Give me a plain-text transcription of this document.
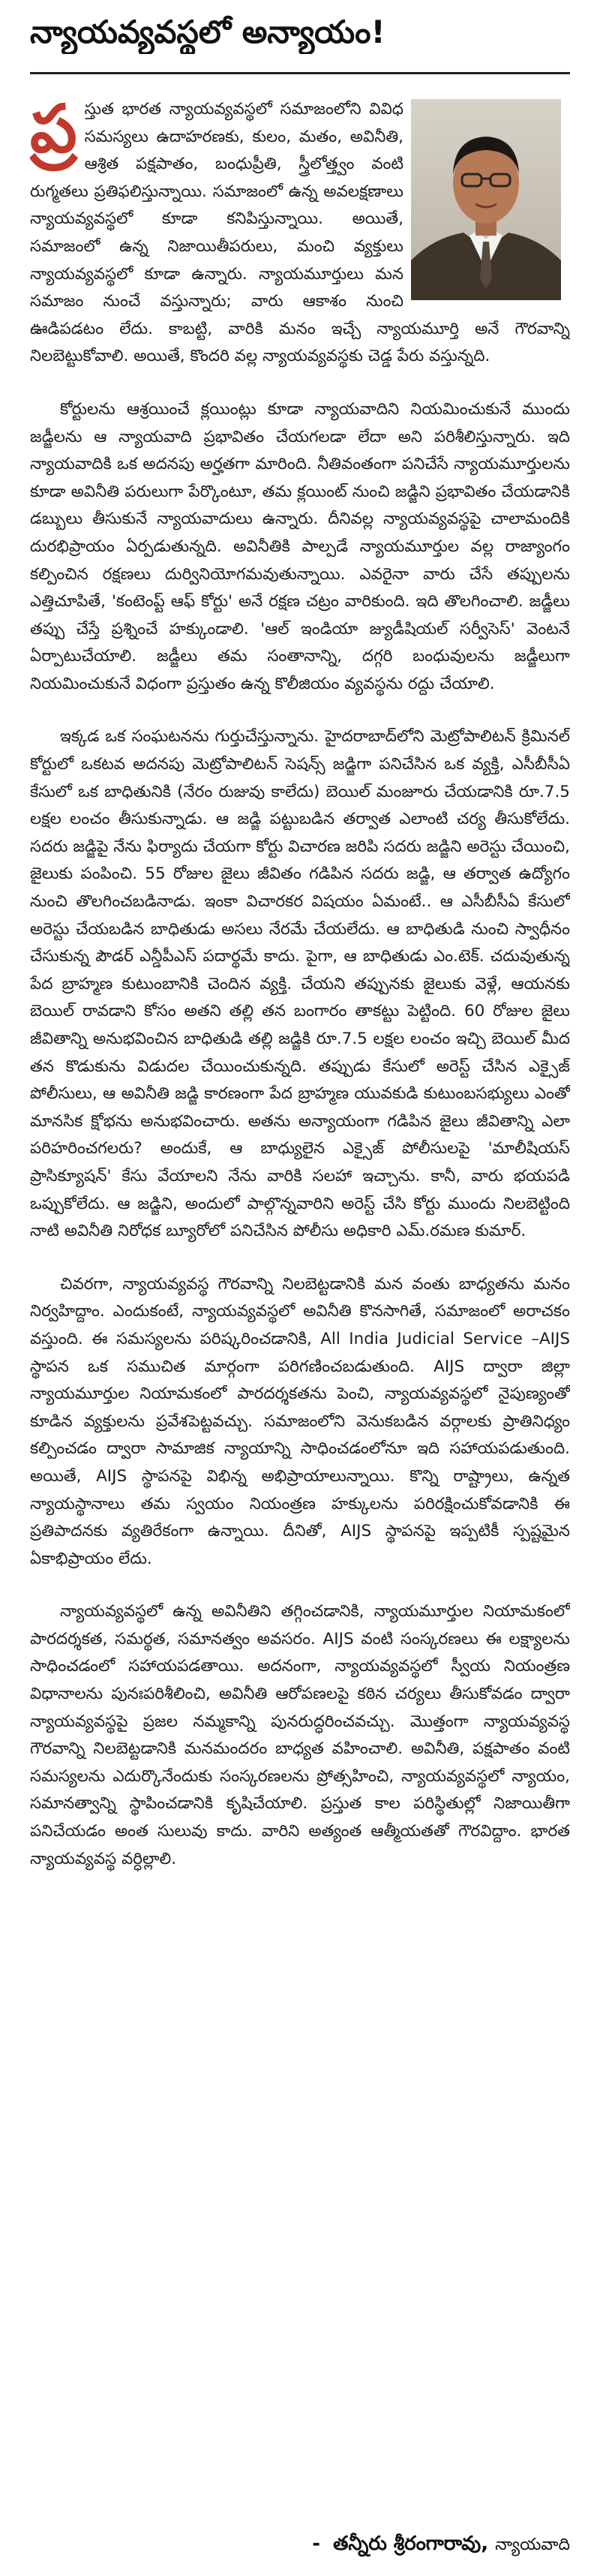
న్యాయవ్యవస్థలో అన్యాయం!

ప్ర స్తుత భారత న్యాయవ్యవస్థలో సమాజంలోని వివిధ సమస్యలు ఉదాహరణకు, కులం, మతం, అవినీతి, ఆశ్రిత పక్షపాతం, బంధుప్రీతి, స్త్రీలోత్త్వం వంటి రుగ్మతలు ప్రతిఫలిస్తున్నాయి. సమాజంలో ఉన్న అవలక్షణాలు న్యాయవ్యవస్థలో కూడా కనిపిస్తున్నాయి. అయితే, సమాజంలో ఉన్న నిజాయితీపరులు, మంచి వ్యక్తులు న్యాయవ్యవస్థలో కూడా ఉన్నారు. న్యాయమూర్తులు మన సమాజం నుంచే వస్తున్నారు; వారు ఆకాశం నుంచి ఊడిపడటం లేదు. కాబట్టి, వారికి మనం ఇచ్చే న్యాయమూర్తి అనే గౌరవాన్ని నిలబెట్టుకోవాలి. అయితే, కొందరి వల్ల న్యాయవ్యవస్థకు చెడ్డ పేరు వస్తున్నది.

కోర్టులను ఆశ్రయించే క్లయింట్లు కూడా న్యాయవాదిని నియమించుకునే ముందు జడ్జీలను ఆ న్యాయవాది ప్రభావితం చేయగలడా లేదా అని పరిశీలిస్తున్నారు. ఇది న్యాయవాదికి ఒక అదనపు అర్హతగా మారింది. నీతివంతంగా పనిచేసే న్యాయమూర్తులను కూడా అవినీతి పరులుగా పేర్కొంటూ, తమ క్లయింట్ నుంచి జడ్జిని ప్రభావితం చేయడానికి డబ్బులు తీసుకునే న్యాయవాదులు ఉన్నారు. దీనివల్ల న్యాయవ్యవస్థపై చాలామందికి దురభిప్రాయం ఏర్పడుతున్నది. అవినీతికి పాల్పడే న్యాయమూర్తుల వల్ల రాజ్యాంగం కల్పించిన రక్షణలు దుర్వినియోగమవుతున్నాయి. ఎవరైనా వారు చేసే తప్పులను ఎత్తిచూపితే, 'కంటెంప్ట్ ఆఫ్ కోర్టు' అనే రక్షణ చట్రం వారికుంది. ఇది తొలగించాలి. జడ్జీలు తప్పు చేస్తే ప్రశ్నించే హక్కుండాలి. 'ఆల్ ఇండియా జ్యుడీషియల్ సర్వీసెస్' వెంటనే ఏర్పాటుచేయాలి. జడ్జీలు తమ సంతానాన్ని, దగ్గరి బంధువులను జడ్జీలుగా నియమించుకునే విధంగా ప్రస్తుతం ఉన్న కొలీజియం వ్యవస్థను రద్దు చేయాలి.

ఇక్కడ ఒక సంఘటనను గుర్తుచేస్తున్నాను. హైదరాబాద్‌లోని మెట్రోపాలిటన్ క్రిమినల్ కోర్టులో ఒకటవ అదనపు మెట్రోపాలిటన్ సెషన్స్ జడ్జిగా పనిచేసిన ఒక వ్యక్తి, ఎసీబీసీఏ కేసులో ఒక బాధితునికి (నేరం రుజువు కాలేదు) బెయిల్ మంజూరు చేయడానికి రూ.7.5 లక్షల లంచం తీసుకున్నాడు. ఆ జడ్జి పట్టుబడిన తర్వాత ఎలాంటి చర్య తీసుకోలేదు. సదరు జడ్జిపై నేను ఫిర్యాదు చేయగా కోర్టు విచారణ జరిపి సదరు జడ్జిని అరెస్టు చేయించి, జైలుకు పంపించి. 55 రోజుల జైలు జీవితం గడిపిన సదరు జడ్జి, ఆ తర్వాత ఉద్యోగం నుంచి తొలగించబడినాడు. ఇంకా విచారకర విషయం ఏమంటే.. ఆ ఎసీబీసీఏ కేసులో అరెస్టు చేయబడిన బాధితుడు అసలు నేరమే చేయలేదు. ఆ బాధితుడి నుంచి స్వాధీనం చేసుకున్న పౌడర్ ఎన్డీపీఎస్ పదార్థమే కాదు. పైగా, ఆ బాధితుడు ఎం.టెక్. చదువుతున్న పేద బ్రాహ్మణ కుటుంబానికి చెందిన వ్యక్తి. చేయని తప్పునకు జైలుకు వెళ్లే, ఆయనకు బెయిల్ రావడాని కోసం అతని తల్లి తన బంగారం తాకట్టు పెట్టింది. 60 రోజుల జైలు జీవితాన్ని అనుభవించిన బాధితుడి తల్లి జడ్జికి రూ.7.5 లక్షల లంచం ఇచ్చి బెయిల్ మీద తన కొడుకును విడుదల చేయించుకున్నది. తప్పుడు కేసులో అరెస్ట్ చేసిన ఎక్సైజ్ పోలీసులు, ఆ అవినీతి జడ్జి కారణంగా పేద బ్రాహ్మణ యువకుడి కుటుంబసభ్యులు ఎంతో మానసిక క్షోభను అనుభవించారు. అతను అన్యాయంగా గడిపిన జైలు జీవితాన్ని ఎలా పరిహరించగలరు? అందుకే, ఆ బాధ్యులైన ఎక్సైజ్ పోలీసులపై 'మాలీషియస్ ప్రాసిక్యూషన్' కేసు వేయాలని నేను వారికి సలహా ఇచ్చాను. కానీ, వారు భయపడి ఒప్పుకోలేదు. ఆ జడ్జిని, అందులో పాల్గొన్నవారిని అరెస్ట్ చేసి కోర్టు ముందు నిలబెట్టింది నాటి అవినీతి నిరోధక బ్యూరోలో పనిచేసిన పోలీసు అధికారి ఎమ్.రమణ కుమార్.

చివరగా, న్యాయవ్యవస్థ గౌరవాన్ని నిలబెట్టడానికి మన వంతు బాధ్యతను మనం నిర్వహిద్దాం. ఎందుకంటే, న్యాయవ్యవస్థలో అవినీతి కొనసాగితే, సమాజంలో అరాచకం వస్తుంది. ఈ సమస్యలను పరిష్కరించడానికి, All India Judicial Service –AIJS స్థాపన ఒక సముచిత మార్గంగా పరిగణించబడుతుంది. AIJS ద్వారా జిల్లా న్యాయమూర్తుల నియామకంలో పారదర్శకతను పెంచి, న్యాయవ్యవస్థలో నైపుణ్యంతో కూడిన వ్యక్తులను ప్రవేశపెట్టవచ్చు. సమాజంలోని వెనుకబడిన వర్గాలకు ప్రాతినిధ్యం కల్పించడం ద్వారా సామాజిక న్యాయాన్ని సాధించడంలోనూ ఇది సహాయపడుతుంది. అయితే, AIJS స్థాపనపై విభిన్న అభిప్రాయాలున్నాయి. కొన్ని రాష్ట్రాలు, ఉన్నత న్యాయస్థానాలు తమ స్వయం నియంత్రణ హక్కులను పరిరక్షించుకోవడానికి ఈ ప్రతిపాదనకు వ్యతిరేకంగా ఉన్నాయి. దీనితో, AIJS స్థాపనపై ఇప్పటికీ స్పష్టమైన ఏకాభిప్రాయం లేదు.

న్యాయవ్యవస్థలో ఉన్న అవినీతిని తగ్గించడానికి, న్యాయమూర్తుల నియామకంలో పారదర్శకత, సమర్థత, సమానత్వం అవసరం. AIJS వంటి సంస్కరణలు ఈ లక్ష్యాలను సాధించడంలో సహాయపడతాయి. అదనంగా, న్యాయవ్యవస్థలో స్వీయ నియంత్రణ విధానాలను పునఃపరిశీలించి, అవినీతి ఆరోపణలపై కఠిన చర్యలు తీసుకోవడం ద్వారా న్యాయవ్యవస్థపై ప్రజల నమ్మకాన్ని పునరుద్ధరించవచ్చు. మొత్తంగా న్యాయవ్యవస్థ గౌరవాన్ని నిలబెట్టడానికి మనమందరం బాధ్యత వహించాలి. అవినీతి, పక్షపాతం వంటి సమస్యలను ఎదుర్కొనేందుకు సంస్కరణలను ప్రోత్సహించి, న్యాయవ్యవస్థలో న్యాయం, సమానత్వాన్ని స్థాపించడానికి కృషిచేయాలి. ప్రస్తుత కాల పరిస్థితుల్లో నిజాయితీగా పనిచేయడం అంత సులువు కాదు. వారిని అత్యంత ఆత్మీయతతో గౌరవిద్దాం. భారత న్యాయవ్యవస్థ వర్ధిల్లాలి.

- తన్నీరు శ్రీరంగారావు, న్యాయవాది
